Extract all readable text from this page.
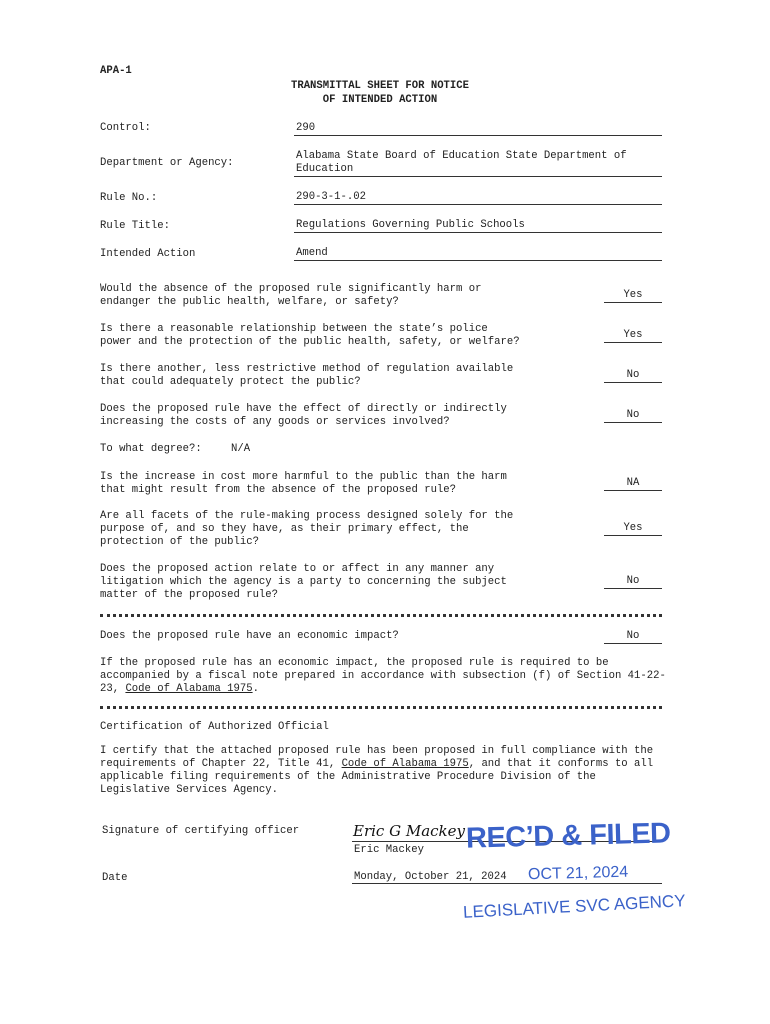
APA-1
TRANSMITTAL SHEET FOR NOTICE
OF INTENDED ACTION
Control:	290
Department or Agency:
Alabama State Board of Education State Department of
Education
Rule No.:	290-3-1-.02
Rule Title:	Regulations Governing Public Schools
Intended Action	Amend
Would the absence of the proposed rule significantly harm or
endanger the public health, welfare, or safety?
Yes
Is there a reasonable relationship between the state’s police
power and the protection of the public health, safety, or welfare?
Yes
Is there another, less restrictive method of regulation available
that could adequately protect the public?
No
Does the proposed rule have the effect of directly or indirectly
increasing the costs of any goods or services involved?
No
To what degree?:	N/A
Is the increase in cost more harmful to the public than the harm
that might result from the absence of the proposed rule?
NA
Are all facets of the rule-making process designed solely for the
purpose of, and so they have, as their primary effect, the
protection of the public?
Yes
Does the proposed action relate to or affect in any manner any
litigation which the agency is a party to concerning the subject
matter of the proposed rule?
No
Does the proposed rule have an economic impact?	No
If the proposed rule has an economic impact, the proposed rule is required to be accompanied by a fiscal note prepared in accordance with subsection (f) of Section 41-22-23, Code of Alabama 1975.
Certification of Authorized Official
I certify that the attached proposed rule has been proposed in full compliance with the requirements of Chapter 22, Title 41, Code of Alabama 1975, and that it conforms to all applicable filing requirements of the Administrative Procedure Division of the Legislative Services Agency.
Signature of certifying officer	Eric G Mackey
Eric Mackey
Date	Monday, October 21, 2024
REC’D & FILED
OCT 21, 2024
LEGISLATIVE SVC AGENCY
